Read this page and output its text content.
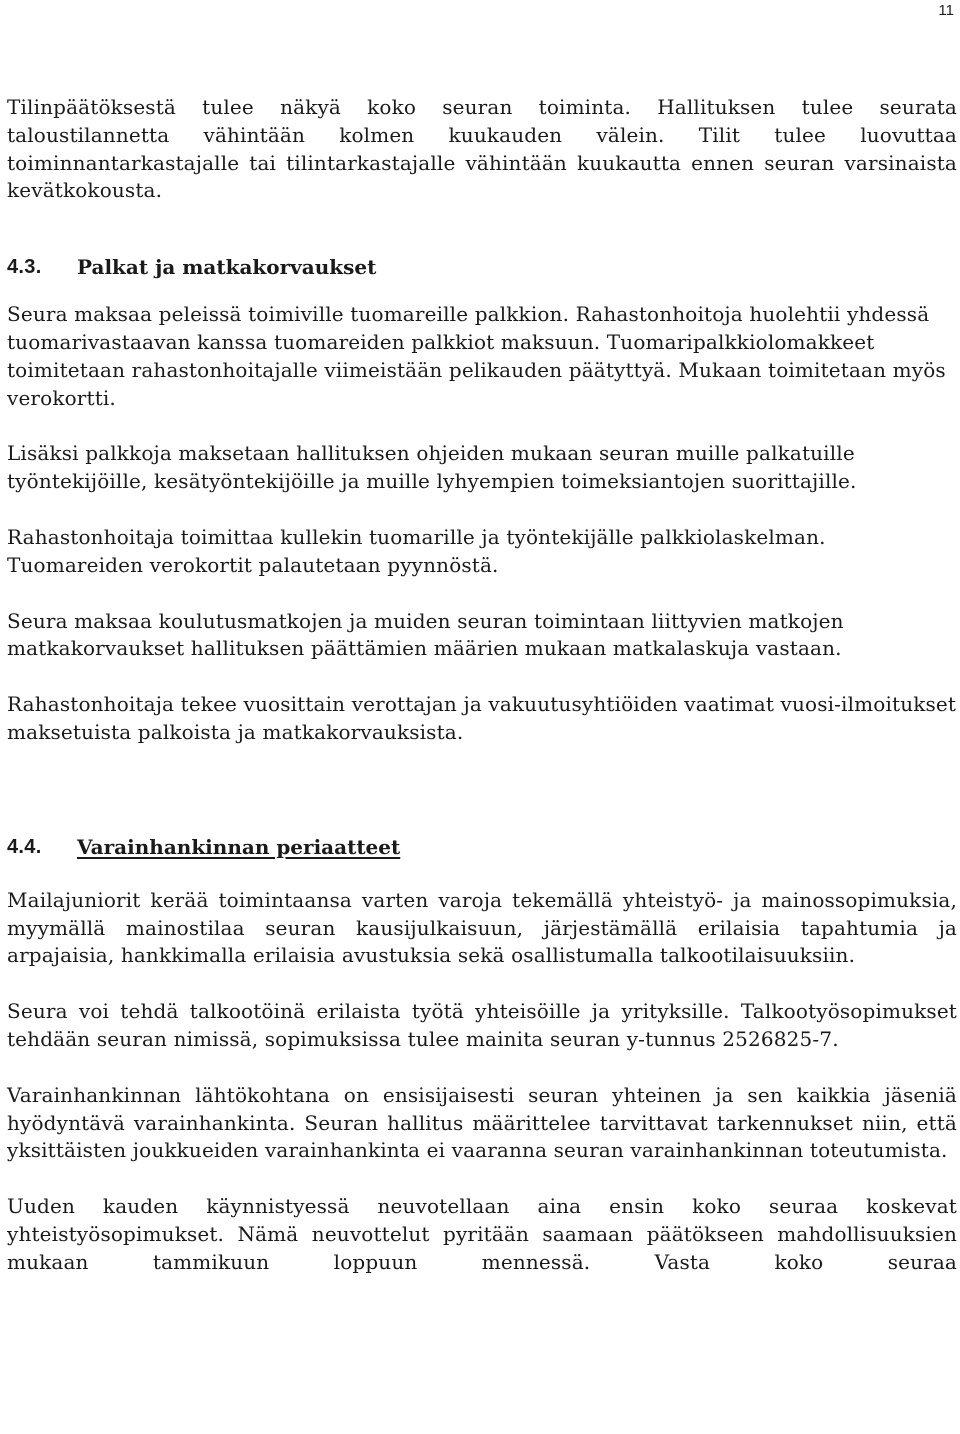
11

Tilinpäätöksestä tulee näkyä koko seuran toiminta. Hallituksen tulee seurata taloustilannetta vähintään kolmen kuukauden välein. Tilit tulee luovuttaa toiminnantarkastajalle tai tilintarkastajalle vähintään kuukautta ennen seuran varsinaista kevätkokousta.

4.3.	Palkat ja matkakorvaukset

Seura maksaa peleissä toimiville tuomareille palkkion. Rahastonhoitoja huolehtii yhdessä tuomarivastaavan kanssa tuomareiden palkkiot maksuun. Tuomaripalkkiolomakkeet toimitetaan rahastonhoitajalle viimeistään pelikauden päätyttyä. Mukaan toimitetaan myös verokortti.

Lisäksi palkkoja maksetaan hallituksen ohjeiden mukaan seuran muille palkatuille työntekijöille, kesätyöntekijöille ja muille lyhyempien toimeksiantojen suorittajille.

Rahastonhoitaja toimittaa kullekin tuomarille ja työntekijälle palkkiolaskelman. Tuomareiden verokortit palautetaan pyynnöstä.

Seura maksaa koulutusmatkojen ja muiden seuran toimintaan liittyvien matkojen matkakorvaukset hallituksen päättämien määrien mukaan matkalaskuja vastaan.

Rahastonhoitaja tekee vuosittain verottajan ja vakuutusyhtiöiden vaatimat vuosi-ilmoitukset maksetuista palkoista ja matkakorvauksista.

4.4.	Varainhankinnan periaatteet

Mailajuniorit kerää toimintaansa varten varoja tekemällä yhteistyö- ja mainossopimuksia, myymällä mainostilaa seuran kausijulkaisuun, järjestämällä erilaisia tapahtumia ja arpajaisia, hankkimalla erilaisia avustuksia sekä osallistumalla talkootilaisuuksiin.

Seura voi tehdä talkootöinä erilaista työtä yhteisöille ja yrityksille. Talkootyösopimukset tehdään seuran nimissä, sopimuksissa tulee mainita seuran y-tunnus 2526825-7.

Varainhankinnan lähtökohtana on ensisijaisesti seuran yhteinen ja sen kaikkia jäseniä hyödyntävä varainhankinta. Seuran hallitus määrittelee tarvittavat tarkennukset niin, että yksittäisten joukkueiden varainhankinta ei vaaranna seuran varainhankinnan toteutumista.

Uuden kauden käynnistyessä neuvotellaan aina ensin koko seuraa koskevat yhteistyösopimukset. Nämä neuvottelut pyritään saamaan päätökseen mahdollisuuksien mukaan tammikuun loppuun mennessä. Vasta koko seuraa
